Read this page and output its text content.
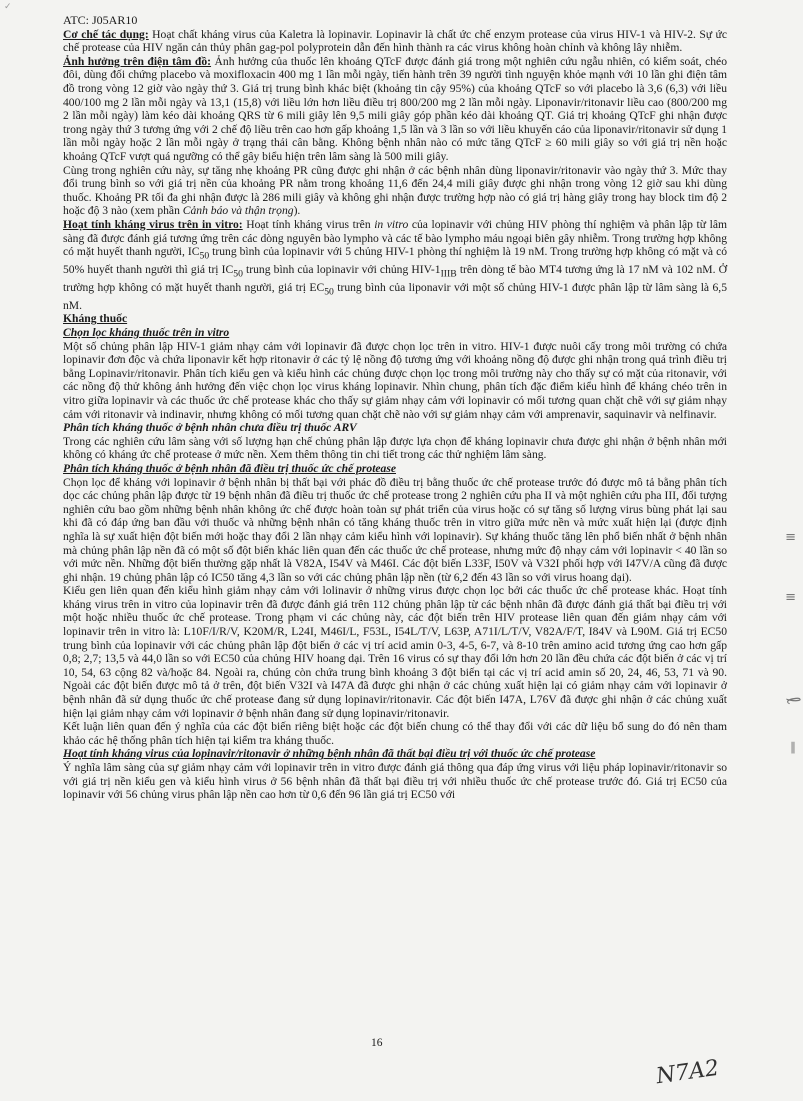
✓

ATC: J05AR10

Cơ chế tác dụng: Hoạt chất kháng virus của Kaletra là lopinavir. Lopinavir là chất ức chế enzym protease của virus HIV-1 và HIV-2. Sự ức chế protease của HIV ngăn cản thủy phân gag-pol polyprotein dẫn đến hình thành ra các virus không hoàn chỉnh và không lây nhiễm.

Ảnh hưởng trên điện tâm đồ: Ảnh hưởng của thuốc lên khoảng QTcF được đánh giá trong một nghiên cứu ngẫu nhiên, có kiểm soát, chéo đôi, dùng đối chứng placebo và moxifloxacin 400 mg 1 lần mỗi ngày, tiến hành trên 39 người tình nguyện khỏe mạnh với 10 lần ghi điện tâm đồ trong vòng 12 giờ vào ngày thứ 3. Giá trị trung bình khác biệt (khoảng tin cậy 95%) của khoảng QTcF so với placebo là 3,6 (6,3) với liều 400/100 mg 2 lần mỗi ngày và 13,1 (15,8) với liều lớn hơn liều điều trị 800/200 mg 2 lần mỗi ngày. Liponavir/ritonavir liều cao (800/200 mg 2 lần mỗi ngày) làm kéo dài khoảng QRS từ 6 mili giây lên 9,5 mili giây góp phần kéo dài khoảng QT. Giá trị khoảng QTcF ghi nhận được trong ngày thứ 3 tương ứng với 2 chế độ liều trên cao hơn gấp khoảng 1,5 lần và 3 lần so với liều khuyến cáo của liponavir/ritonavir sử dụng 1 lần mỗi ngày hoặc 2 lần mỗi ngày ở trạng thái cân bằng. Không bệnh nhân nào có mức tăng QTcF ≥ 60 mili giây so với giá trị nền hoặc khoảng QTcF vượt quá ngưỡng có thể gây biểu hiện trên lâm sàng là 500 mili giây.

Cùng trong nghiên cứu này, sự tăng nhẹ khoảng PR cũng được ghi nhận ở các bệnh nhân dùng liponavir/ritonavir vào ngày thứ 3. Mức thay đổi trung bình so với giá trị nền của khoảng PR nằm trong khoảng 11,6 đến 24,4 mili giây được ghi nhận trong vòng 12 giờ sau khi dùng thuốc. Khoảng PR tối đa ghi nhận được là 286 mili giây và không ghi nhận được trường hợp nào có giá trị hàng giây trong hay block tim độ 2 hoặc độ 3 nào (xem phần Cảnh báo và thận trọng).

Hoạt tính kháng virus trên in vitro: Hoạt tính kháng virus trên in vitro của lopinavir với chủng HIV phòng thí nghiệm và phân lập từ lâm sàng đã được đánh giá tương ứng trên các dòng nguyên bào lympho và các tế bào lympho máu ngoại biên gây nhiễm. Trong trường hợp không có mặt huyết thanh người, $IC_{50}$ trung bình của lopinavir với 5 chủng HIV-1 phòng thí nghiệm là 19 nM. Trong trường hợp không có mặt và có 50% huyết thanh người thì giá trị $IC_{50}$ trung bình của lopinavir với chủng HIV-$1_{IIIB}$ trên dòng tế bào MT4 tương ứng là 17 nM và 102 nM. Ở trường hợp không có mặt huyết thanh người, giá trị $EC_{50}$ trung bình của liponavir với một số chủng HIV-1 được phân lập từ lâm sàng là 6,5 nM.

Kháng thuốc

Chọn lọc kháng thuốc trên in vitro

Một số chủng phân lập HIV-1 giảm nhạy cảm với lopinavir đã được chọn lọc trên in vitro. HIV-1 được nuôi cấy trong môi trường có chứa lopinavir đơn độc và chứa liponavir kết hợp ritonavir ở các tỷ lệ nồng độ tương ứng với khoảng nồng độ được ghi nhận trong quá trình điều trị bằng Lopinavir/ritonavir. Phân tích kiểu gen và kiểu hình các chủng được chọn lọc trong môi trường này cho thấy sự có mặt của ritonavir, với các nồng độ thử không ảnh hưởng đến việc chọn lọc virus kháng lopinavir. Nhìn chung, phân tích đặc điểm kiểu hình để kháng chéo trên in vitro giữa lopinavir và các thuốc ức chế protease khác cho thấy sự giảm nhạy cảm với lopinavir có mối tương quan chặt chẽ với sự giảm nhạy cảm với ritonavir và indinavir, nhưng không có mối tương quan chặt chẽ nào với sự giảm nhạy cảm với amprenavir, saquinavir và nelfinavir.

Phân tích kháng thuốc ở bệnh nhân chưa điều trị thuốc ARV

Trong các nghiên cứu lâm sàng với số lượng hạn chế chủng phân lập được lựa chọn để kháng lopinavir chưa được ghi nhận ở bệnh nhân mới không có kháng ức chế protease ở mức nền. Xem thêm thông tin chi tiết trong các thử nghiệm lâm sàng.

Phân tích kháng thuốc ở bệnh nhân đã điều trị thuốc ức chế protease

Chọn lọc để kháng với lopinavir ở bệnh nhân bị thất bại với phác đồ điều trị bằng thuốc ức chế protease trước đó được mô tả bằng phân tích dọc các chủng phân lập được từ 19 bệnh nhân đã điều trị thuốc ức chế protease trong 2 nghiên cứu pha II và một nghiên cứu pha III, đối tượng nghiên cứu bao gồm những bệnh nhân không ức chế được hoàn toàn sự phát triển của virus hoặc có sự tăng số lượng virus bùng phát lại sau khi đã có đáp ứng ban đầu với thuốc và những bệnh nhân có tăng kháng thuốc trên in vitro giữa mức nền và mức xuất hiện lại (được định nghĩa là sự xuất hiện đột biến mới hoặc thay đổi 2 lần nhạy cảm kiểu hình với lopinavir). Sự kháng thuốc tăng lên phổ biến nhất ở bệnh nhân mà chủng phân lập nền đã có một số đột biến khác liên quan đến các thuốc ức chế protease, nhưng mức độ nhạy cảm với lopinavir < 40 lần so với mức nền. Những đột biến thường gặp nhất là V82A, I54V và M46I. Các đột biến L33F, I50V và V32I phối hợp với I47V/A cũng đã được ghi nhận. 19 chủng phân lập có IC50 tăng 4,3 lần so với các chủng phân lập nền (từ 6,2 đến 43 lần so với virus hoang dại).

Kiểu gen liên quan đến kiểu hình giảm nhạy cảm với lolinavir ở những virus được chọn lọc bởi các thuốc ức chế protease khác. Hoạt tính kháng virus trên in vitro của lopinavir trên đã được đánh giá trên 112 chủng phân lập từ các bệnh nhân đã được đánh giá thất bại điều trị với một hoặc nhiều thuốc ức chế protease. Trong phạm vi các chủng này, các đột biến trên HIV protease liên quan đến giảm nhạy cảm với lopinavir trên in vitro là: L10F/I/R/V, K20M/R, L24I, M46I/L, F53L, I54L/T/V, L63P, A71I/L/T/V, V82A/F/T, I84V và L90M. Giá trị EC50 trung bình của lopinavir với các chủng phân lập đột biến ở các vị trí acid amin 0-3, 4-5, 6-7, và 8-10 trên amino acid tương ứng cao hơn gấp 0,8; 2,7; 13,5 và 44,0 lần so với EC50 của chủng HIV hoang dại. Trên 16 virus có sự thay đổi lớn hơn 20 lần đều chứa các đột biến ở các vị trí 10, 54, 63 cộng 82 và/hoặc 84. Ngoài ra, chúng còn chứa trung bình khoảng 3 đột biến tại các vị trí acid amin số 20, 24, 46, 53, 71 và 90. Ngoài các đột biến được mô tả ở trên, đột biến V32I và I47A đã được ghi nhận ở các chủng xuất hiện lại có giảm nhạy cảm với lopinavir ở bệnh nhân đã sử dụng thuốc ức chế protease đang sử dụng lopinavir/ritonavir. Các đột biến I47A, L76V đã được ghi nhận ở các chủng xuất hiện lại giảm nhạy cảm với lopinavir ở bệnh nhân đang sử dụng lopinavir/ritonavir.

Kết luận liên quan đến ý nghĩa của các đột biến riêng biệt hoặc các đột biến chung có thể thay đổi với các dữ liệu bổ sung do đó nên tham khảo các hệ thống phân tích hiện tại kiểm tra kháng thuốc.

Hoạt tính kháng virus của lopinavir/ritonavir ở những bệnh nhân đã thất bại điều trị với thuốc ức chế protease

Ý nghĩa lâm sàng của sự giảm nhạy cảm với lopinavir trên in vitro được đánh giá thông qua đáp ứng virus với liệu pháp lopinavir/ritonavir so với giá trị nền kiểu gen và kiểu hình virus ở 56 bệnh nhân đã thất bại điều trị với nhiều thuốc ức chế protease trước đó. Giá trị EC50 của lopinavir với 56 chủng virus phân lập nền cao hơn từ 0,6 đến 96 lần giá trị EC50 với

16
N7A2
≡
≡
ℓ
∥
